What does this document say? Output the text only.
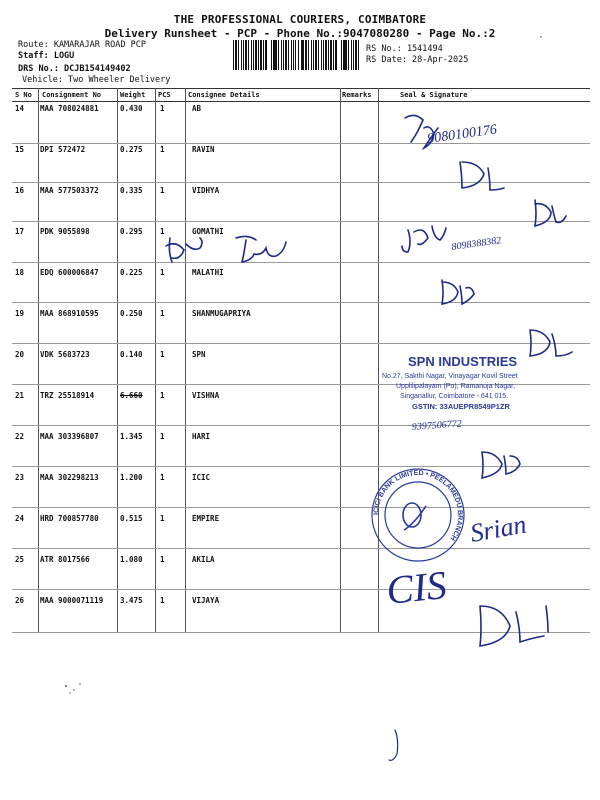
THE PROFESSIONAL COURIERS, COIMBATORE
Delivery Runsheet - PCP - Phone No.:9047080280 - Page No.:2
Route: KAMARAJAR ROAD PCP
Staff: LOGU
DRS No.: DCJB154149402
Vehicle: Two Wheeler Delivery
RS No.: 1541494
RS Date: 28-Apr-2025
S No Consignment No	Weight PCS Consignee Details	Remarks	Seal & Signature
14 MAA 708024881	0.430 1	AB
15 DPI 572472	0.275 1	RAVIN
16 MAA 577503372	0.335 1	VIDHYA
17 PDK 9055898	0.295 1	GOMATHI
18 EDQ 600006847	0.225 1	MALATHI
19 MAA 868910595	0.250 1	SHANMUGAPRIYA
20 VDK 5683723	0.140 1	SPN
21 TRZ 25518914	6.660 1	VISHNA
22 MAA 303396807	1.345 1	HARI
23 MAA 302298213	1.200 1	ICIC
24 HRD 700857780	0.515 1	EMPIRE
25 ATR 8017566	1.080 1	AKILA
26 MAA 9000071119 3.475 1	VIJAYA
9080100176
8098388382
9397506772
Srian
CIS
SPN INDUSTRIES
No.27, Sakthi Nagar, Vinayagar Kovil Street
Upplilipalayam (Po), Ramanuja Nagar,
Singanallur, Coimbatore - 641 015.
GSTIN: 33AUEPR8549P1ZR
ICICI BANK LIMITED • PEELAMEDU BRANCH
